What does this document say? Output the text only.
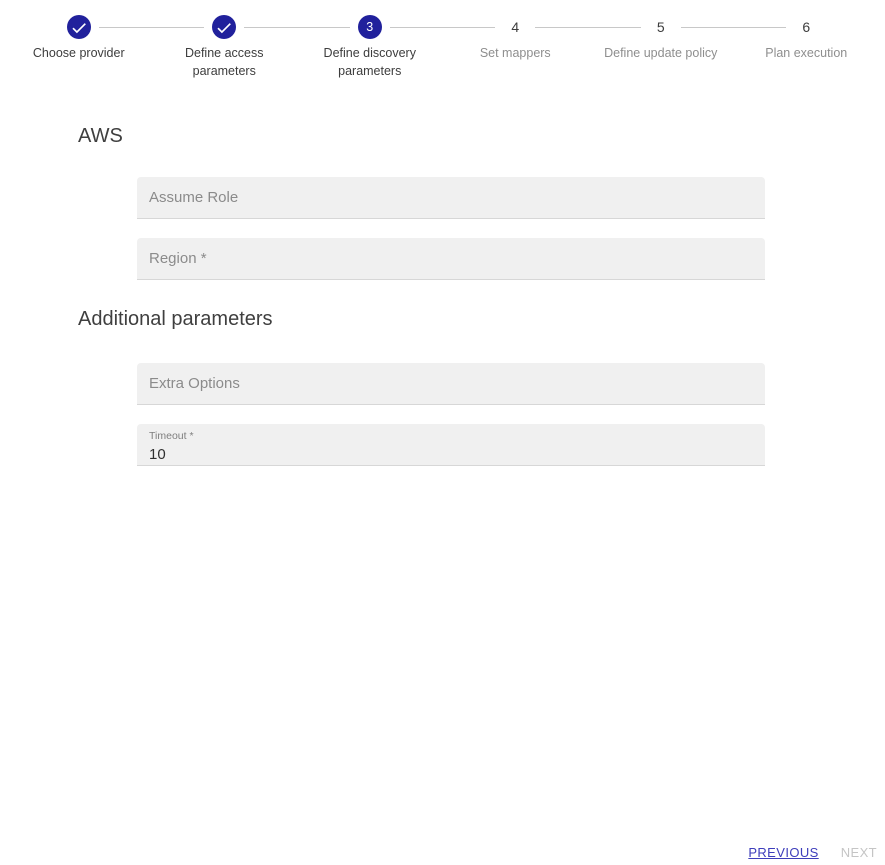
Choose provider	Define access parameters
3
Define discovery parameters
4
Set mappers
5
Define update policy
6
Plan execution
AWS
Assume Role
Region *
Additional parameters
Extra Options
Timeout *
10
PREVIOUS NEXT
